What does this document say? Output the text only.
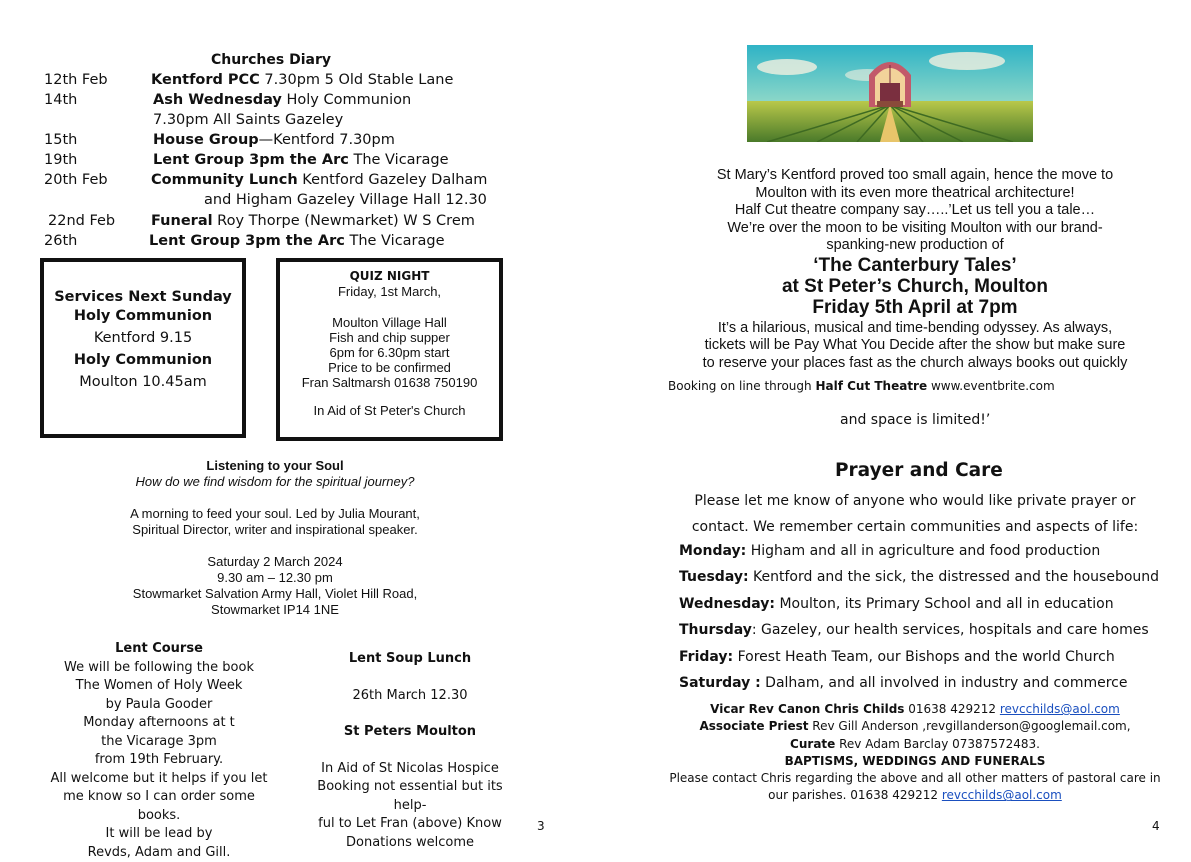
Churches Diary
12th Feb	Kentford PCC 7.30pm 5 Old Stable Lane
14th	Ash Wednesday Holy Communion
7.30pm All Saints Gazeley
15th	House Group—Kentford 7.30pm
19th	Lent Group 3pm the Arc The Vicarage
20th Feb	Community Lunch Kentford Gazeley Dalham
and Higham Gazeley Village Hall 12.30
22nd Feb Funeral Roy Thorpe (Newmarket) W S Crem
26th	Lent Group 3pm the Arc The Vicarage
Services Next Sunday
Holy Communion
Kentford 9.15
Holy Communion
Moulton 10.45am
QUIZ NIGHT
Friday, 1st March,
Moulton Village Hall
Fish and chip supper
6pm for 6.30pm start
Price to be confirmed
Fran Saltmarsh 01638 750190
In Aid of St Peter's Church
Listening to your Soul
How do we find wisdom for the spiritual journey?
A morning to feed your soul. Led by Julia Mourant,
Spiritual Director, writer and inspirational speaker.
Saturday 2 March 2024
9.30 am – 12.30 pm
Stowmarket Salvation Army Hall, Violet Hill Road,
Stowmarket IP14 1NE
Lent Course
We will be following the book
The Women of Holy Week
by Paula Gooder
Monday afternoons at t
the Vicarage 3pm
from 19th February.
All welcome but it helps if you let
me know so I can order some
books.
It will be lead by
Revds, Adam and Gill.
Lent Soup Lunch
26th March 12.30
St Peters Moulton
In Aid of St Nicolas Hospice
Booking not essential but its help-
ful to Let Fran (above) Know
Donations welcome
3
St Mary’s Kentford proved too small again, hence the move to
Moulton with its even more theatrical architecture!
Half Cut theatre company say…..’Let us tell you a tale…
We’re over the moon to be visiting Moulton with our brand-
spanking-new production of
‘The Canterbury Tales’
at St Peter’s Church, Moulton
Friday 5th April at 7pm
It’s a hilarious, musical and time-bending odyssey. As always,
tickets will be Pay What You Decide after the show but make sure
to reserve your places fast as the church always books out quickly
Booking on line through Half Cut Theatre www.eventbrite.com
and space is limited!’
Prayer and Care
Please let me know of anyone who would like private prayer or
contact. We remember certain communities and aspects of life:
Monday: Higham and all in agriculture and food production
Tuesday: Kentford and the sick, the distressed and the housebound
Wednesday: Moulton, its Primary School and all in education
Thursday: Gazeley, our health services, hospitals and care homes
Friday: Forest Heath Team, our Bishops and the world Church
Saturday : Dalham, and all involved in industry and commerce
Vicar Rev Canon Chris Childs 01638 429212 revcchilds@aol.com
Associate Priest Rev Gill Anderson ,revgillanderson@googlemail.com,
Curate Rev Adam Barclay 07387572483.
BAPTISMS, WEDDINGS AND FUNERALS
Please contact Chris regarding the above and all other matters of pastoral care in
our parishes. 01638 429212 revcchilds@aol.com
4
